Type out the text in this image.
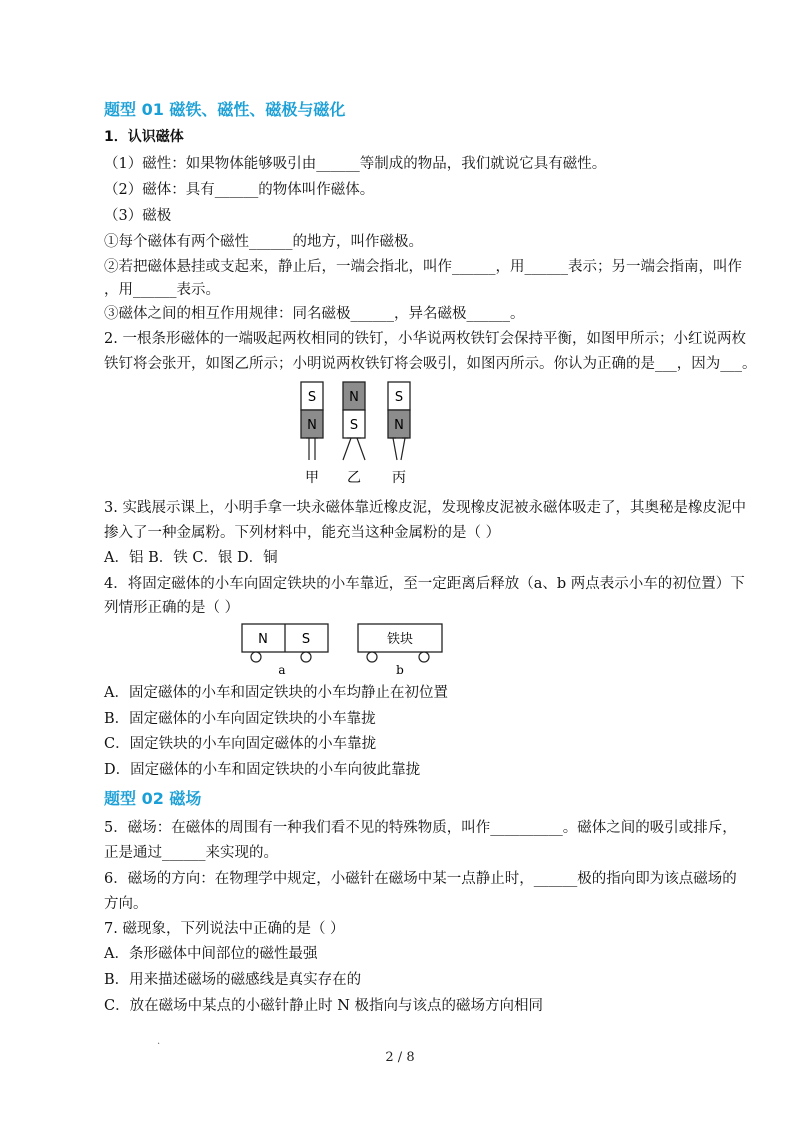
题型 01 磁铁、磁性、磁极与磁化
1．认识磁体
（1）磁性：如果物体能够吸引由______等制成的物品，我们就说它具有磁性。
（2）磁体：具有______的物体叫作磁体。
（3）磁极
①每个磁体有两个磁性______的地方，叫作磁极。
②若把磁体悬挂或支起来，静止后，一端会指北，叫作______，用______表示；另一端会指南，叫作
，用______表示。
③磁体之间的相互作用规律：同名磁极______，异名磁极______。
2. 一根条形磁体的一端吸起两枚相同的铁钉，小华说两枚铁钉会保持平衡，如图甲所示；小红说两枚
铁钉将会张开，如图乙所示；小明说两枚铁钉将会吸引，如图丙所示。你认为正确的是___，因为___。
S
N
甲
N
S
乙
S
N
丙
3. 实践展示课上，小明手拿一块永磁体靠近橡皮泥，发现橡皮泥被永磁体吸走了，其奥秘是橡皮泥中
掺入了一种金属粉。下列材料中，能充当这种金属粉的是（ ）
A．铝 B．铁 C．银 D．铜
4．将固定磁体的小车向固定铁块的小车靠近，至一定距离后释放（a、b 两点表示小车的初位置）下
列情形正确的是（ ）
N	S
a
铁块
b
A．固定磁体的小车和固定铁块的小车均静止在初位置
B．固定磁体的小车向固定铁块的小车靠拢
C．固定铁块的小车向固定磁体的小车靠拢
D．固定磁体的小车和固定铁块的小车向彼此靠拢
题型 02 磁场
5．磁场：在磁体的周围有一种我们看不见的特殊物质，叫作__________。磁体之间的吸引或排斥，
正是通过______来实现的。
6．磁场的方向：在物理学中规定，小磁针在磁场中某一点静止时，______极的指向即为该点磁场的
方向。
7. 磁现象，下列说法中正确的是（ ）
A．条形磁体中间部位的磁性最强
B．用来描述磁场的磁感线是真实存在的
C．放在磁场中某点的小磁针静止时 N 极指向与该点的磁场方向相同
.
2 / 8
